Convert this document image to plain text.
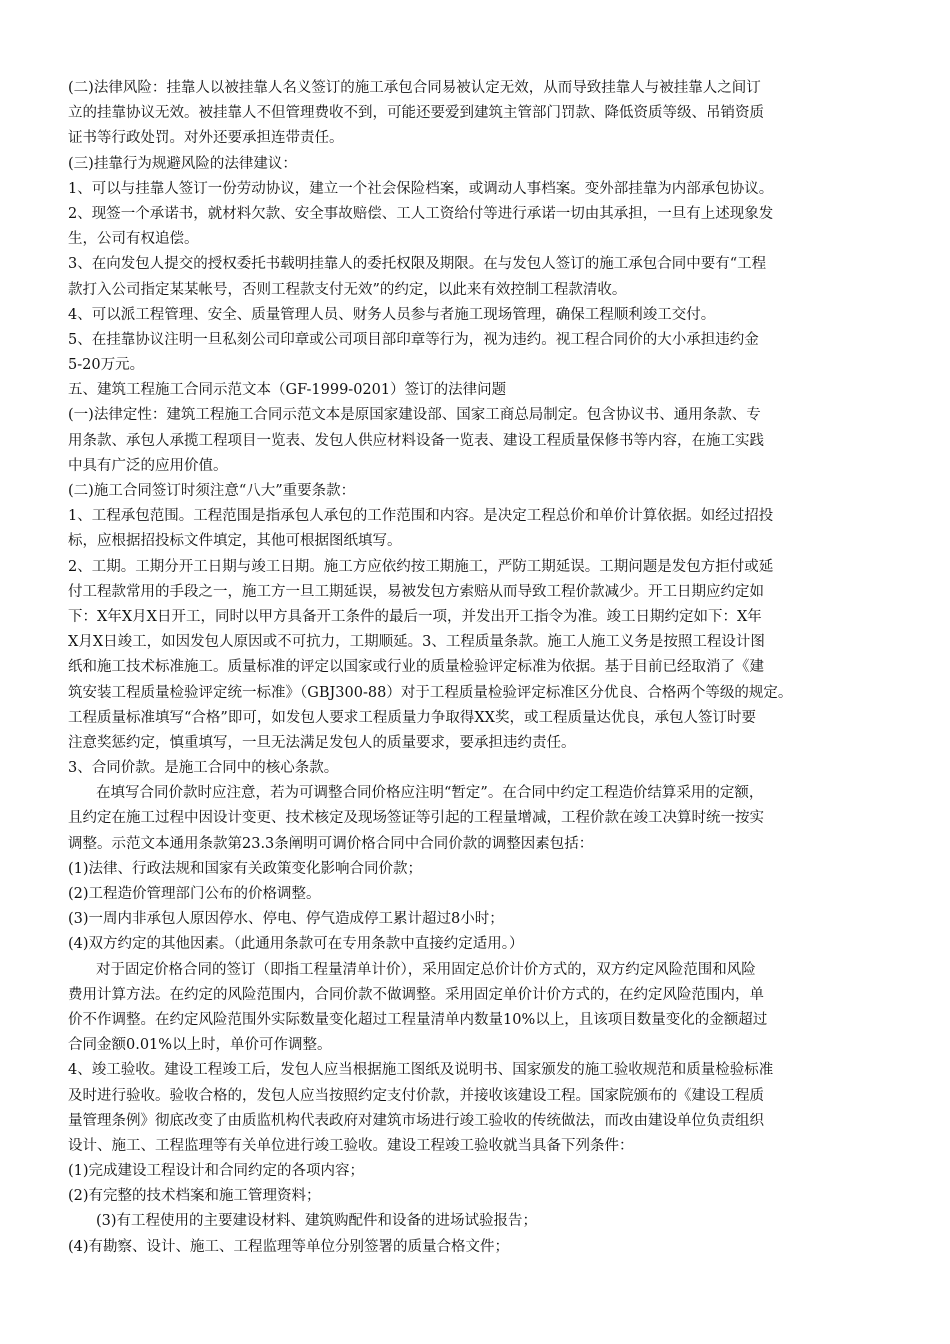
(二)法律风险：挂靠人以被挂靠人名义签订的施工承包合同易被认定无效，从而导致挂靠人与被挂靠人之间订
立的挂靠协议无效。被挂靠人不但管理费收不到，可能还要爱到建筑主管部门罚款、降低资质等级、吊销资质
证书等行政处罚。对外还要承担连带责任。
(三)挂靠行为规避风险的法律建议：
1、可以与挂靠人签订一份劳动协议，建立一个社会保险档案，或调动人事档案。变外部挂靠为内部承包协议。
2、现签一个承诺书，就材料欠款、安全事故赔偿、工人工资给付等进行承诺一切由其承担，一旦有上述现象发
生，公司有权追偿。
3、在向发包人提交的授权委托书载明挂靠人的委托权限及期限。在与发包人签订的施工承包合同中要有“工程
款打入公司指定某某帐号，否则工程款支付无效”的约定，以此来有效控制工程款清收。
4、可以派工程管理、安全、质量管理人员、财务人员参与者施工现场管理，确保工程顺利竣工交付。
5、在挂靠协议注明一旦私刻公司印章或公司项目部印章等行为，视为违约。视工程合同价的大小承担违约金
5-20万元。
五、建筑工程施工合同示范文本（GF-1999-0201）签订的法律问题
(一)法律定性：建筑工程施工合同示范文本是原国家建设部、国家工商总局制定。包含协议书、通用条款、专
用条款、承包人承揽工程项目一览表、发包人供应材料设备一览表、建设工程质量保修书等内容，在施工实践
中具有广泛的应用价值。
(二)施工合同签订时须注意“八大”重要条款：
1、工程承包范围。工程范围是指承包人承包的工作范围和内容。是决定工程总价和单价计算依据。如经过招投
标，应根据招投标文件填定，其他可根据图纸填写。
2、工期。工期分开工日期与竣工日期。施工方应依约按工期施工，严防工期延误。工期问题是发包方拒付或延
付工程款常用的手段之一，施工方一旦工期延误，易被发包方索赔从而导致工程价款减少。开工日期应约定如
下：X年X月X日开工，同时以甲方具备开工条件的最后一项，并发出开工指令为准。竣工日期约定如下：X年
X月X日竣工，如因发包人原因或不可抗力，工期顺延。3、工程质量条款。施工人施工义务是按照工程设计图
纸和施工技术标准施工。质量标准的评定以国家或行业的质量检验评定标准为依据。基于目前已经取消了《建
筑安装工程质量检验评定统一标准》（GBJ300-88）对于工程质量检验评定标准区分优良、合格两个等级的规定。
工程质量标准填写“合格”即可，如发包人要求工程质量力争取得XX奖，或工程质量达优良，承包人签订时要
注意奖惩约定，慎重填写，一旦无法满足发包人的质量要求，要承担违约责任。
3、合同价款。是施工合同中的核心条款。
在填写合同价款时应注意，若为可调整合同价格应注明“暂定”。在合同中约定工程造价结算采用的定额，
且约定在施工过程中因设计变更、技术核定及现场签证等引起的工程量增减，工程价款在竣工决算时统一按实
调整。示范文本通用条款第23.3条阐明可调价格合同中合同价款的调整因素包括：
(1)法律、行政法规和国家有关政策变化影响合同价款；
(2)工程造价管理部门公布的价格调整。
(3)一周内非承包人原因停水、停电、停气造成停工累计超过8小时；
(4)双方约定的其他因素。（此通用条款可在专用条款中直接约定适用。）
对于固定价格合同的签订（即指工程量清单计价），采用固定总价计价方式的，双方约定风险范围和风险
费用计算方法。在约定的风险范围内，合同价款不做调整。采用固定单价计价方式的，在约定风险范围内，单
价不作调整。在约定风险范围外实际数量变化超过工程量清单内数量10%以上，且该项目数量变化的金额超过
合同金额0.01%以上时，单价可作调整。
4、竣工验收。建设工程竣工后，发包人应当根据施工图纸及说明书、国家颁发的施工验收规范和质量检验标准
及时进行验收。验收合格的，发包人应当按照约定支付价款，并接收该建设工程。国家院颁布的《建设工程质
量管理条例》彻底改变了由质监机构代表政府对建筑市场进行竣工验收的传统做法，而改由建设单位负责组织
设计、施工、工程监理等有关单位进行竣工验收。建设工程竣工验收就当具备下列条件：
(1)完成建设工程设计和合同约定的各项内容；
(2)有完整的技术档案和施工管理资料；
(3)有工程使用的主要建设材料、建筑购配件和设备的进场试验报告；
(4)有勘察、设计、施工、工程监理等单位分别签署的质量合格文件；
